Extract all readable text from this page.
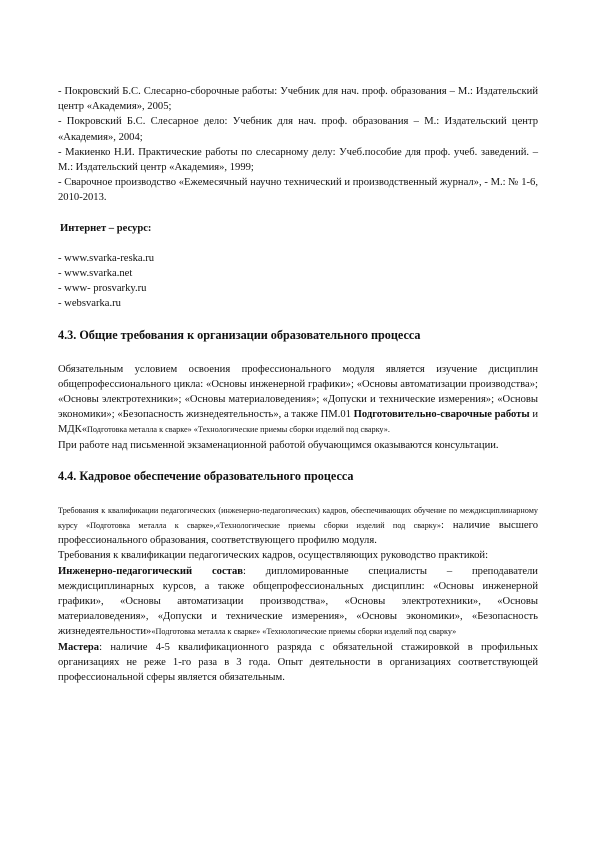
- Покровский Б.С. Слесарно-сборочные работы: Учебник для нач. проф. образования – М.: Издательский центр «Академия», 2005;

- Покровский Б.С. Слесарное дело: Учебник для нач. проф. образования – М.: Издательский центр «Академия», 2004;

- Макиенко Н.И. Практические работы по слесарному делу: Учеб.пособие для проф. учеб. заведений. – М.: Издательский центр «Академия», 1999;

- Сварочное производство «Ежемесячный научно технический и производственный журнал», - М.: № 1-6, 2010-2013.

Интернет – ресурс:

- www.svarka-reska.ru

- www.svarka.net

- www- prosvarky.ru

- websvarka.ru

4.3. Общие требования к организации образовательного процесса

Обязательным условием освоения профессионального модуля является изучение дисциплин общепрофессионального цикла: «Основы инженерной графики»; «Основы автоматизации производства»; «Основы электротехники»; «Основы материаловедения»; «Допуски и технические измерения»; «Основы экономики»; «Безопасность жизнедеятельность», а также ПМ.01 Подготовительно-сварочные работы и МДК«Подготовка металла к сварке» «Технологические приемы сборки изделий под сварку».

При работе над письменной экзаменационной работой обучающимся оказываются консультации.

4.4. Кадровое обеспечение образовательного процесса

Требования к квалификации педагогических (инженерно-педагогических) кадров, обеспечивающих обучение по междисциплинарному курсу «Подготовка металла к сварке»,«Технологические приемы сборки изделий под сварку»: наличие высшего профессионального образования, соответствующего профилю модуля.

Требования к квалификации педагогических кадров, осуществляющих руководство практикой:

Инженерно-педагогический состав: дипломированные специалисты – преподаватели междисциплинарных курсов, а также общепрофессиональных дисциплин: «Основы инженерной графики», «Основы автоматизации производства», «Основы электротехники», «Основы материаловедения», «Допуски и технические измерения», «Основы экономики», «Безопасность жизнедеятельности»«Подготовка металла к сварке» «Технологические приемы сборки изделий под сварку»

Мастера: наличие 4-5 квалификационного разряда с обязательной стажировкой в профильных организациях не реже 1-го раза в 3 года. Опыт деятельности в организациях соответствующей профессиональной сферы является обязательным.
